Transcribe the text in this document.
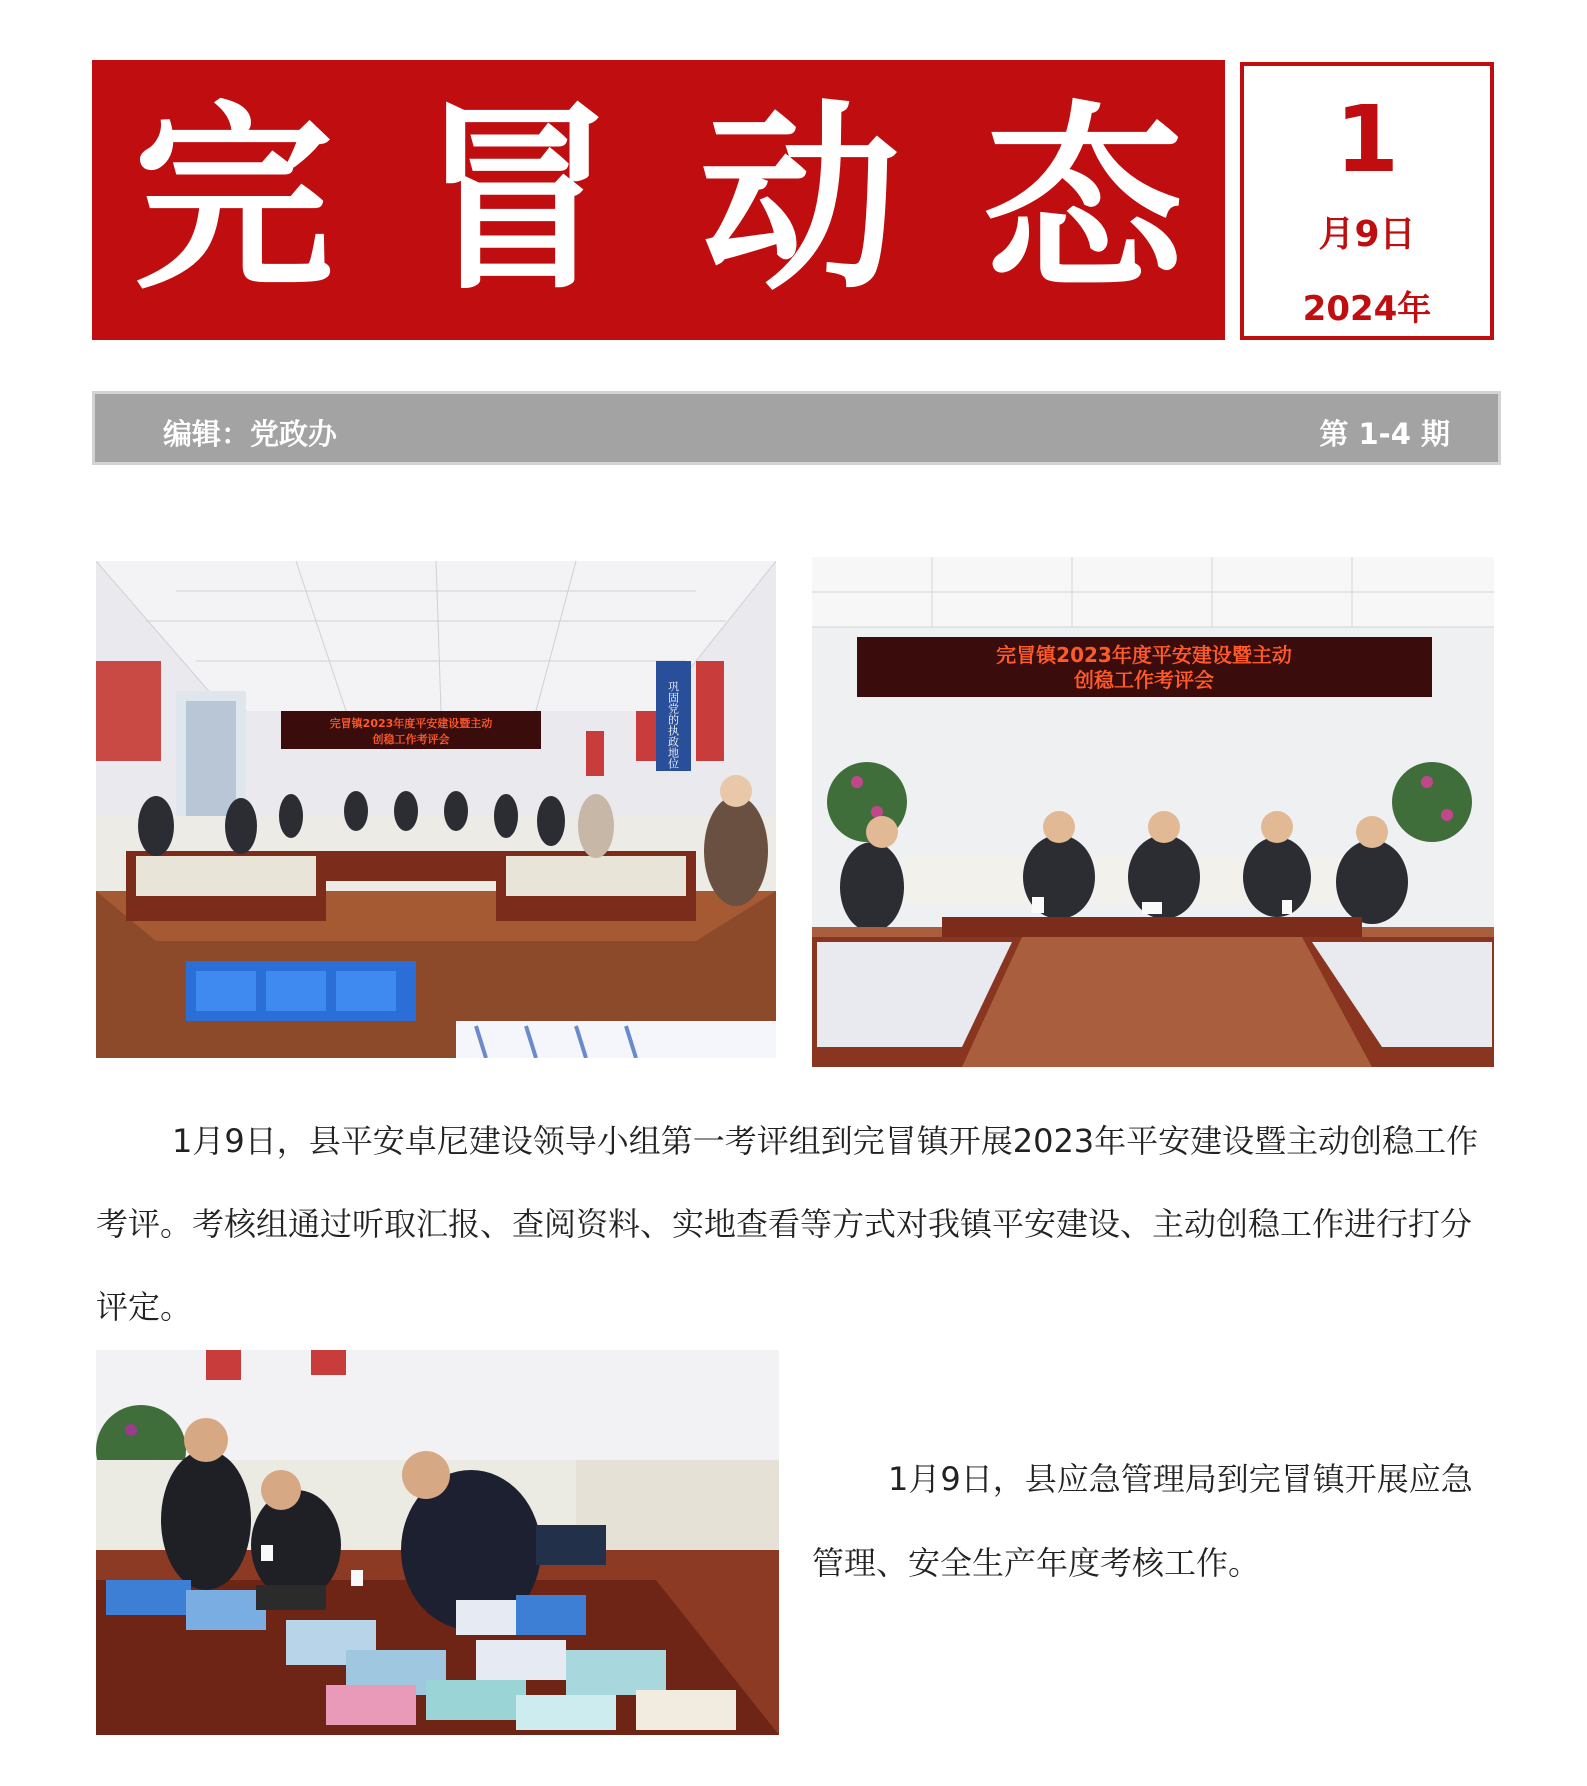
完 冒 动 态	1
月9日
2024年
编辑：党政办	第 1-4 期
巩固党的执政地位
完冒镇2023年度平安建设暨主动
创稳工作考评会
完冒镇2023年度平安建设暨主动
创稳工作考评会
1月9日，县平安卓尼建设领导小组第一考评组到完冒镇开展2023年平安建设暨主动创稳工作考评。考核组通过听取汇报、查阅资料、实地查看等方式对我镇平安建设、主动创稳工作进行打分评定。
1月9日，县应急管理局到完冒镇开展应急管理、安全生产年度考核工作。
